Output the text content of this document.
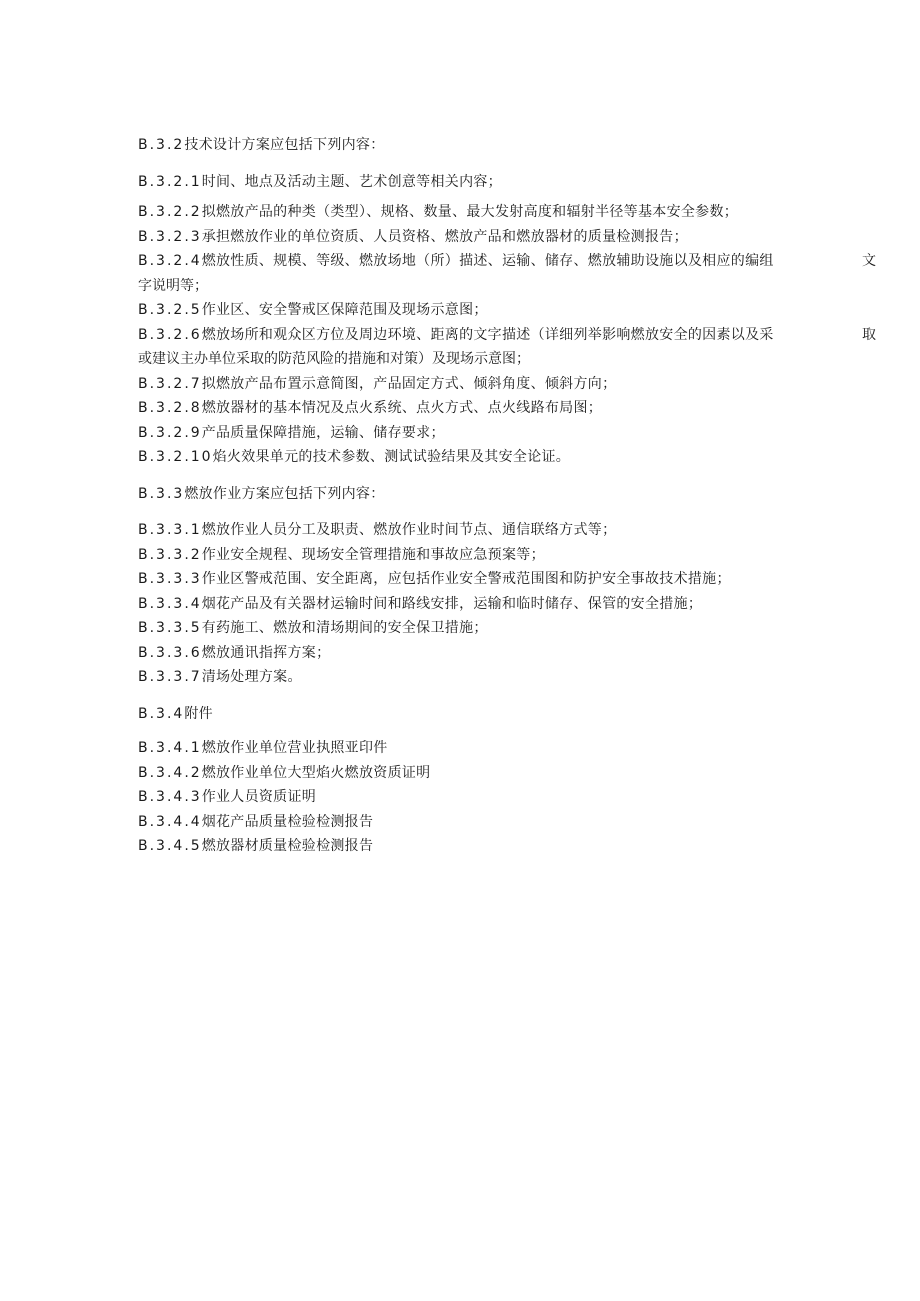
B.3.2技术设计方案应包括下列内容：
B.3.2.1时间、地点及活动主题、艺术创意等相关内容；
B.3.2.2拟燃放产品的种类（类型）、规格、数量、最大发射高度和辐射半径等基本安全参数；
B.3.2.3承担燃放作业的单位资质、人员资格、燃放产品和燃放器材的质量检测报告；
B.3.2.4燃放性质、规模、等级、燃放场地（所）描述、运输、储存、燃放辅助设施以及相应的编组	文
字说明等；
B.3.2.5作业区、安全警戒区保障范围及现场示意图；
B.3.2.6燃放场所和观众区方位及周边环境、距离的文字描述（详细列举影响燃放安全的因素以及采	取
或建议主办单位采取的防范风险的措施和对策）及现场示意图；
B.3.2.7拟燃放产品布置示意简图，产品固定方式、倾斜角度、倾斜方向；
B.3.2.8燃放器材的基本情况及点火系统、点火方式、点火线路布局图；
B.3.2.9产品质量保障措施，运输、储存要求；
B.3.2.10焰火效果单元的技术参数、测试试验结果及其安全论证。
B.3.3燃放作业方案应包括下列内容：
B.3.3.1燃放作业人员分工及职责、燃放作业时间节点、通信联络方式等；
B.3.3.2作业安全规程、现场安全管理措施和事故应急预案等；
B.3.3.3作业区警戒范围、安全距离，应包括作业安全警戒范围图和防护安全事故技术措施；
B.3.3.4烟花产品及有关器材运输时间和路线安排，运输和临时储存、保管的安全措施；
B.3.3.5有药施工、燃放和清场期间的安全保卫措施；
B.3.3.6燃放通讯指挥方案；
B.3.3.7清场处理方案。
B.3.4附件
B.3.4.1燃放作业单位营业执照亚印件
B.3.4.2燃放作业单位大型焰火燃放资质证明
B.3.4.3作业人员资质证明
B.3.4.4烟花产品质量检验检测报告
B.3.4.5燃放器材质量检验检测报告
